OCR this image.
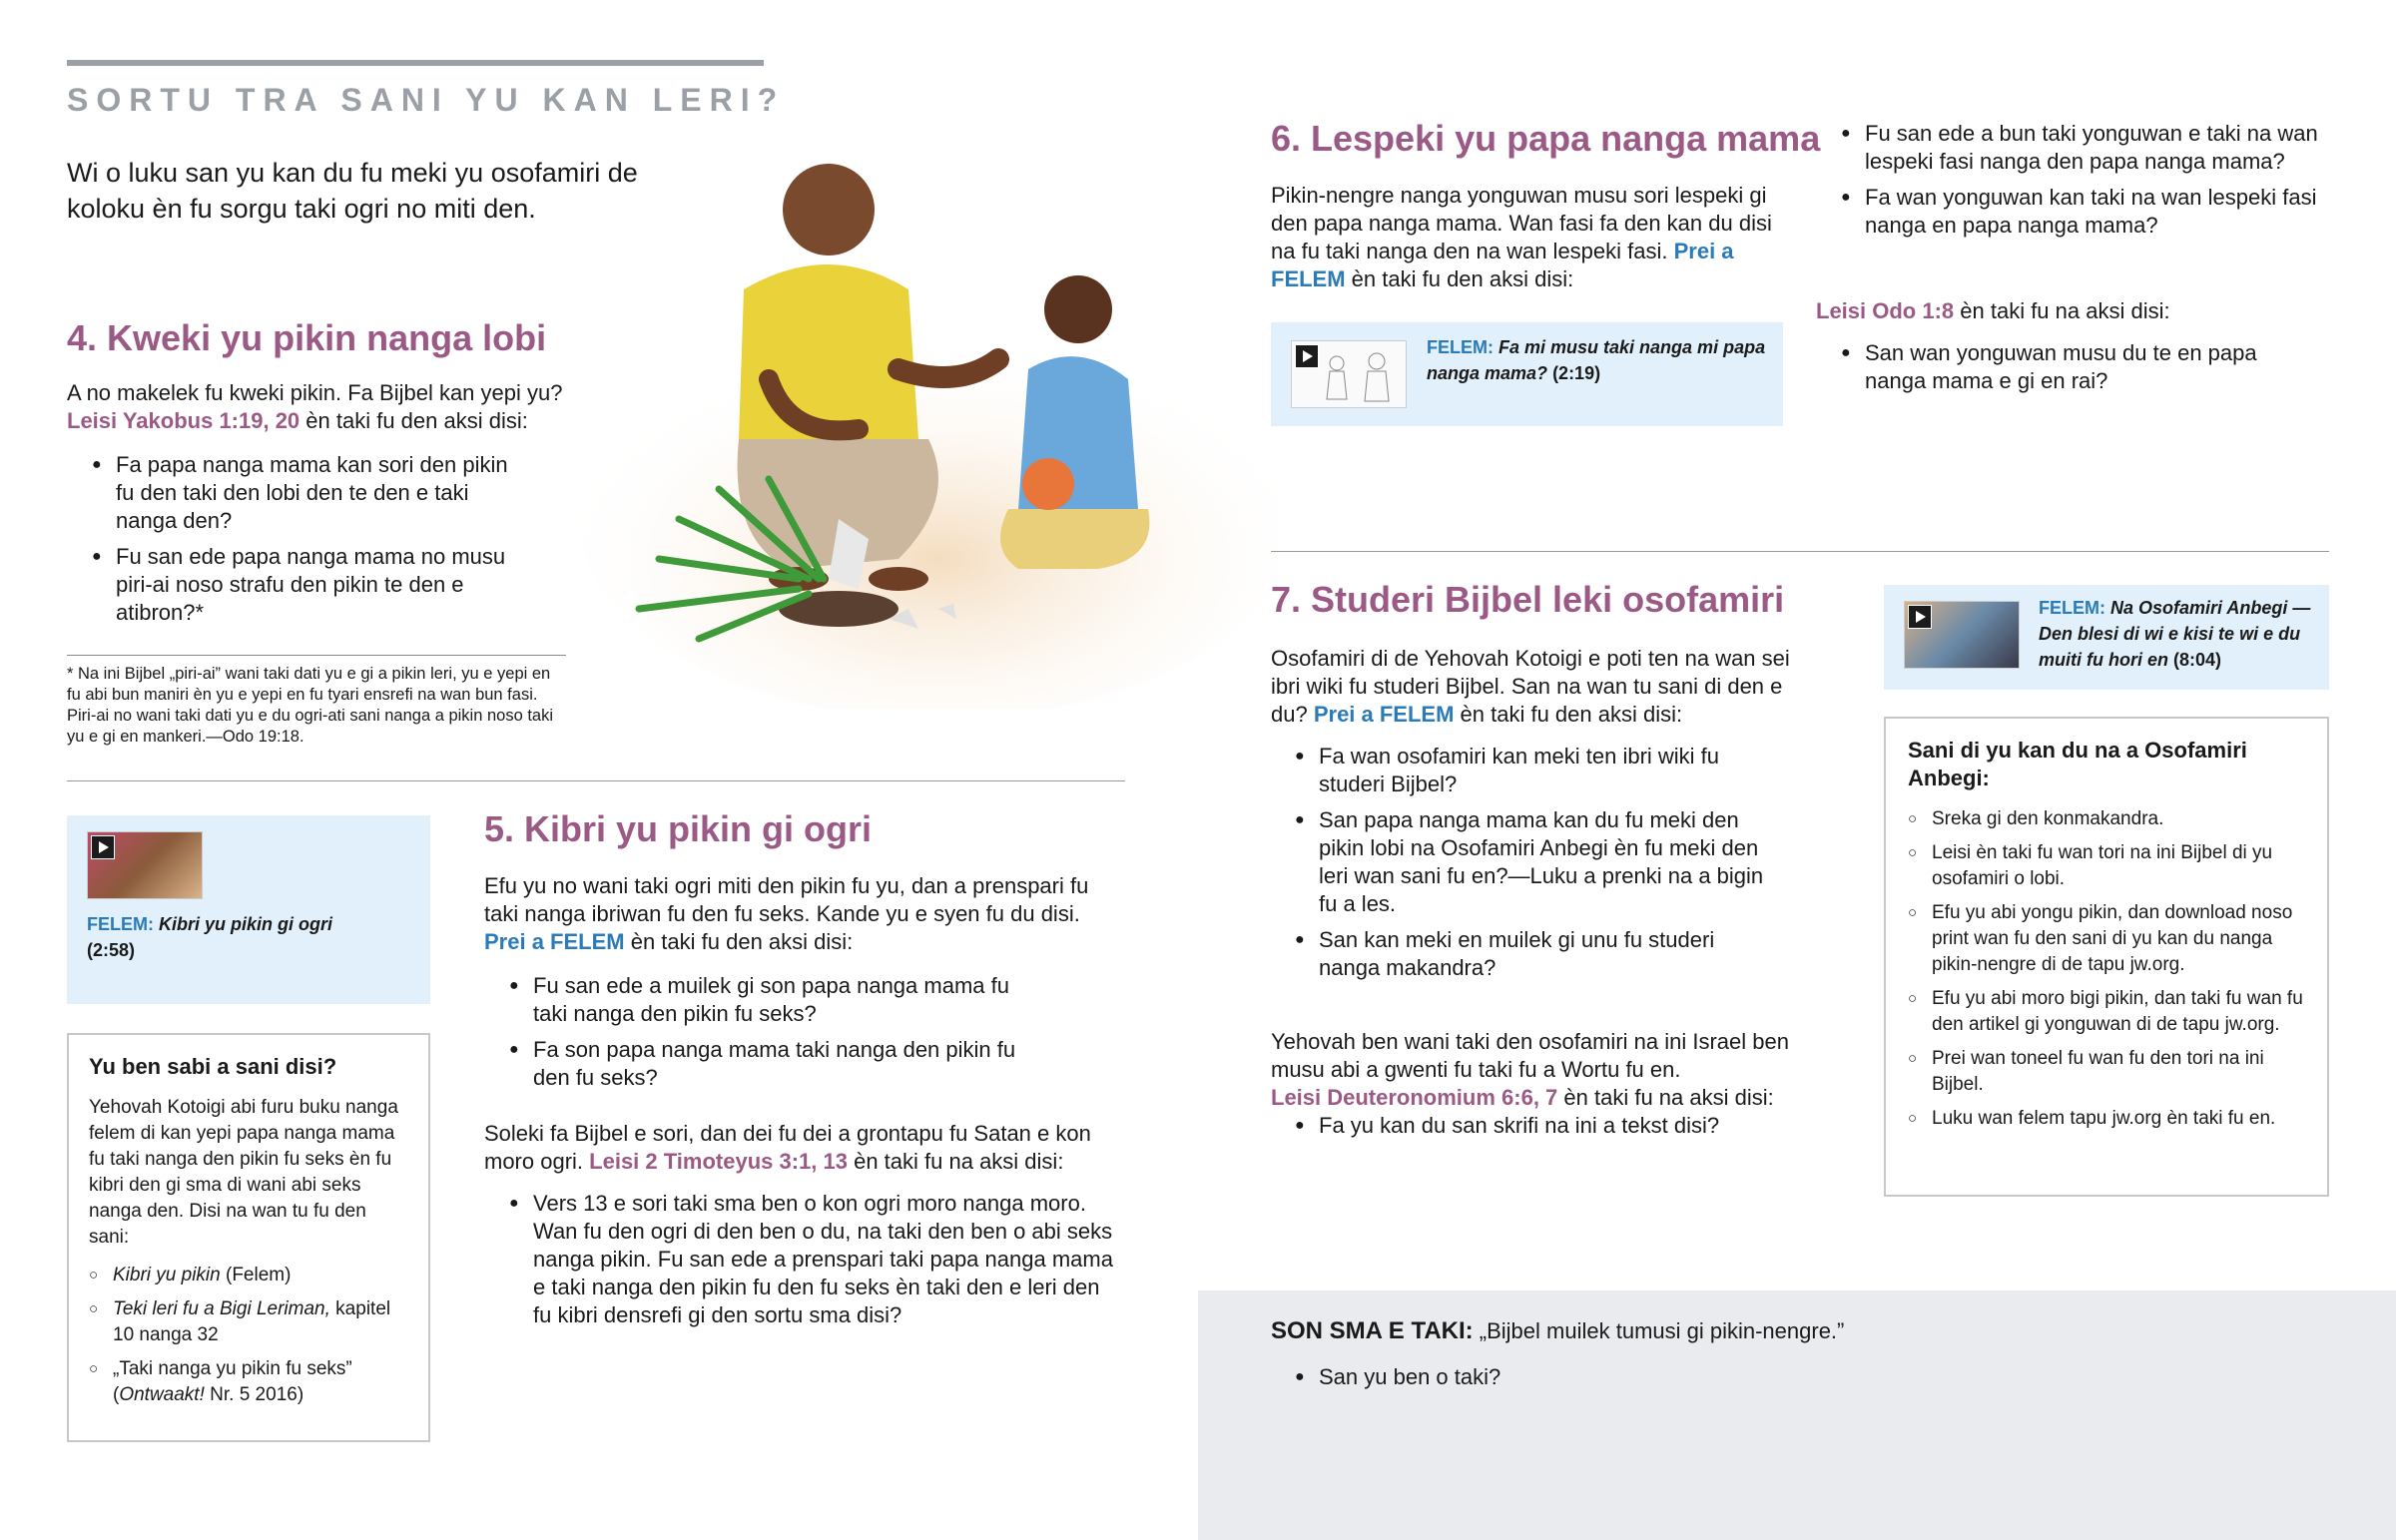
SORTU TRA SANI YU KAN LERI?
Wi o luku san yu kan du fu meki yu osofamiri de koloku èn fu sorgu taki ogri no miti den.
4. Kweki yu pikin nanga lobi

A no makelek fu kweki pikin. Fa Bijbel kan yepi yu?

Leisi Yakobus 1:19, 20 èn taki fu den aksi disi:

● Fa papa nanga mama kan sori den pikin fu den taki den lobi den te den e taki nanga den?
● Fu san ede papa nanga mama no musu piri-ai noso strafu den pikin te den e atibron?*
* Na ini Bijbel „piri-ai” wani taki dati yu e gi a pikin leri, yu e yepi en fu abi bun maniri èn yu e yepi en fu tyari ensrefi na wan bun fasi. Piri-ai no wani taki dati yu e du ogri-ati sani nanga a pikin noso taki yu e gi en mankeri.—Odo 19:18.
FELEM: Kibri yu pikin gi ogri
(2:58)
Yu ben sabi a sani disi?

Yehovah Kotoigi abi furu buku nanga felem di kan yepi papa nanga mama fu taki nanga den pikin fu seks èn fu kibri den gi sma di wani abi seks nanga den. Disi na wan tu fu den sani:

○ Kibri yu pikin (Felem)
○ Teki leri fu a Bigi Leriman, kapitel 10 nanga 32
○ „Taki nanga yu pikin fu seks” (Ontwaakt! Nr. 5 2016)
5. Kibri yu pikin gi ogri

Efu yu no wani taki ogri miti den pikin fu yu, dan a prenspari fu taki nanga ibriwan fu den fu seks. Kande yu e syen fu du disi. Prei a FELEM èn taki fu den aksi disi:

● Fu san ede a muilek gi son papa nanga mama fu taki nanga den pikin fu seks?
● Fa son papa nanga mama taki nanga den pikin fu den fu seks?

Soleki fa Bijbel e sori, dan dei fu dei a grontapu fu Satan e kon moro ogri. Leisi 2 Timoteyus 3:1, 13 èn taki fu na aksi disi:

● Vers 13 e sori taki sma ben o kon ogri moro nanga moro. Wan fu den ogri di den ben o du, na taki den ben o abi seks nanga pikin. Fu san ede a prenspari taki papa nanga mama e taki nanga den pikin fu den fu seks èn taki den e leri den fu kibri densrefi gi den sortu sma disi?
6. Lespeki yu papa nanga mama

Pikin-nengre nanga yonguwan musu sori lespeki gi den papa nanga mama. Wan fasi fa den kan du disi na fu taki nanga den na wan lespeki fasi. Prei a FELEM èn taki fu den aksi disi:

FELEM: Fa mi musu taki nanga mi papa nanga mama? (2:19)
● Fu san ede a bun taki yonguwan e taki na wan lespeki fasi nanga den papa nanga mama?
● Fa wan yonguwan kan taki na wan lespeki fasi nanga en papa nanga mama?

Leisi Odo 1:8 èn taki fu na aksi disi:

● San wan yonguwan musu du te en papa nanga mama e gi en rai?
7. Studeri Bijbel leki osofamiri

Osofamiri di de Yehovah Kotoigi e poti ten na wan sei ibri wiki fu studeri Bijbel. San na wan tu sani di den e du? Prei a FELEM èn taki fu den aksi disi:

● Fa wan osofamiri kan meki ten ibri wiki fu studeri Bijbel?
● San papa nanga mama kan du fu meki den pikin lobi na Osofamiri Anbegi èn fu meki den leri wan sani fu en?—Luku a prenki na a bigin fu a les.
● San kan meki en muilek gi unu fu studeri nanga makandra?

Yehovah ben wani taki den osofamiri na ini Israel ben musu abi a gwenti fu taki fu a Wortu fu en.
Leisi Deuteronomium 6:6, 7 èn taki fu na aksi disi:

● Fa yu kan du san skrifi na ini a tekst disi?
FELEM: Na Osofamiri Anbegi —Den blesi di wi e kisi te wi e du muiti fu hori en (8:04)
Sani di yu kan du na a Osofamiri Anbegi:
○ Sreka gi den konmakandra.
○ Leisi èn taki fu wan tori na ini Bijbel di yu osofamiri o lobi.
○ Efu yu abi yongu pikin, dan download noso print wan fu den sani di yu kan du nanga pikin-nengre di de tapu jw.org.
○ Efu yu abi moro bigi pikin, dan taki fu wan fu den artikel gi yonguwan di de tapu jw.org.
○ Prei wan toneel fu wan fu den tori na ini Bijbel.
○ Luku wan felem tapu jw.org èn taki fu en.
SON SMA E TAKI: „Bijbel muilek tumusi gi pikin-nengre.”
● San yu ben o taki?
